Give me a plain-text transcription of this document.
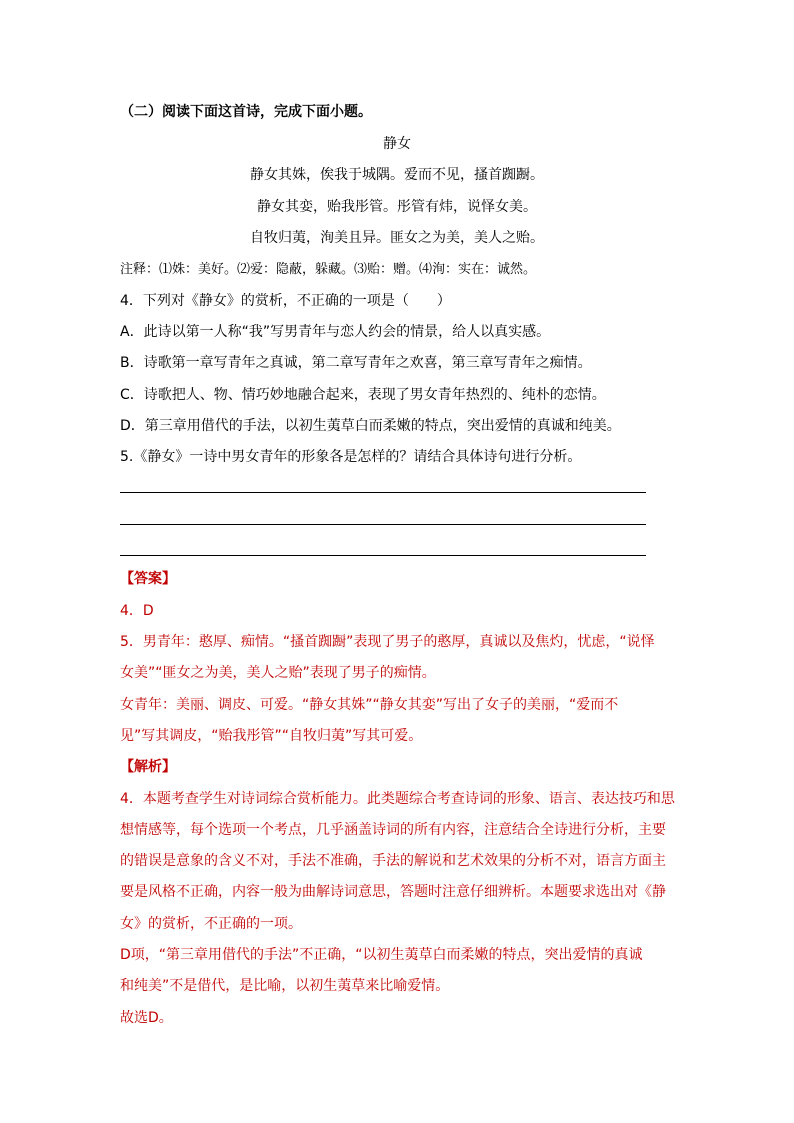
（二）阅读下面这首诗，完成下面小题。
静女
静女其姝，俟我于城隅。爱而不见，搔首踟蹰。
静女其娈，贻我彤管。彤管有炜，说怿女美。
自牧归荑，洵美且异。匪女之为美，美人之贻。
注释：⑴姝：美好。⑵爱：隐蔽，躲藏。⑶贻：赠。⑷洵：实在：诚然。
4．下列对《静女》的赏析，不正确的一项是（　　）
A．此诗以第一人称“我”写男青年与恋人约会的情景，给人以真实感。
B．诗歌第一章写青年之真诚，第二章写青年之欢喜，第三章写青年之痴情。
C．诗歌把人、物、情巧妙地融合起来，表现了男女青年热烈的、纯朴的恋情。
D．第三章用借代的手法，以初生荑草白而柔嫩的特点，突出爱情的真诚和纯美。
5.《静女》一诗中男女青年的形象各是怎样的？请结合具体诗句进行分析。
【答案】
4．D
5．男青年：憨厚、痴情。“搔首踟蹰”表现了男子的憨厚，真诚以及焦灼，忧虑，“说怿
女美”“匪女之为美，美人之贻”表现了男子的痴情。
女青年：美丽、调皮、可爱。“静女其姝”“静女其娈”写出了女子的美丽，“爱而不
见”写其调皮，“贻我彤管”“自牧归荑”写其可爱。
【解析】
4．本题考查学生对诗词综合赏析能力。此类题综合考查诗词的形象、语言、表达技巧和思
想情感等，每个选项一个考点，几乎涵盖诗词的所有内容，注意结合全诗进行分析，主要
的错误是意象的含义不对，手法不准确，手法的解说和艺术效果的分析不对，语言方面主
要是风格不正确，内容一般为曲解诗词意思，答题时注意仔细辨析。本题要求选出对《静
女》的赏析，不正确的一项。
D项，“第三章用借代的手法”不正确，“以初生荑草白而柔嫩的特点，突出爱情的真诚
和纯美”不是借代，是比喻，以初生荑草来比喻爱情。
故选D。
